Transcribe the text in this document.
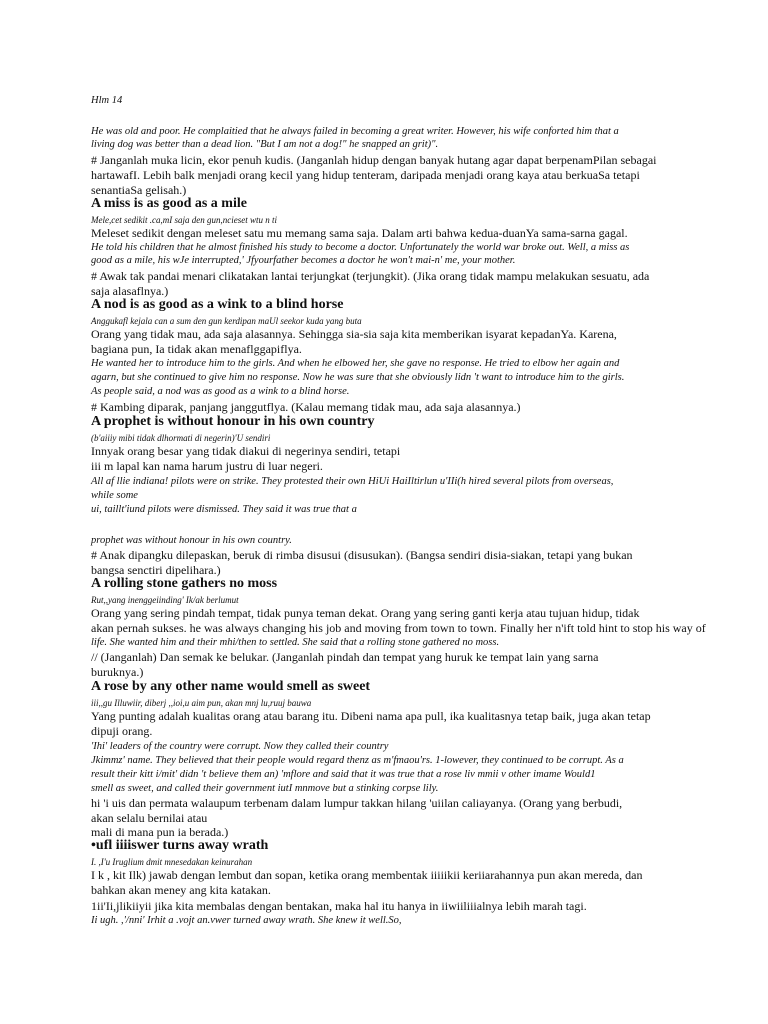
Hlm 14
He was old and poor. He complaitied that he always failed in becoming a great writer. However, his wife conforted him that a
living dog was better than a dead lion. "But I am not a dog!" he snapped an grit)".
# Janganlah muka licin, ekor penuh kudis. (Janganlah hidup dengan banyak hutang agar dapat berpenamPilan sebagai
hartawafI. Lebih balk menjadi orang kecil yang hidup tenteram, daripada menjadi orang kaya atau berkuaSa tetapi
senantiaSa gelisah.)
A miss is as good as a mile
Mele,cet sedikit .ca,mI saja den gun,ncieset wtu n ti
Meleset sedikit dengan meleset satu mu memang sama saja. Dalam arti bahwa kedua-duanYa sama-sarna gagal.
He told his children that he almost finished his study to become a doctor. Unfortunately the world war broke out. Well, a miss as
good as a mile, his wJe interrupted,' Jfyourfather becomes a doctor he won't mai-n' me, your mother.
# Awak tak pandai menari clikatakan lantai terjungkat (terjungkit). (Jika orang tidak mampu melakukan sesuatu, ada
saja alasaflnya.)
A nod is as good as a wink to a blind horse
Anggukafl kejala can a sum den gun kerdipan maUl seekor kuda yang buta
Orang yang tidak mau, ada saja alasannya. Sehingga sia-sia saja kita memberikan isyarat kepadanYa. Karena,
bagiana pun, Ia tidak akan menaflggapiflya.
He wanted her to introduce him to the girls. And when he elbowed her, she gave no response. He tried to elbow her again and
agarn, but she continued to give him no response. Now he was sure that she obviously lidn 't want to introduce him to the girls.
As people said, a nod was as good as a wink to a blind horse.
# Kambing diparak, panjang janggutflya. (Kalau memang tidak mau, ada saja alasannya.)
A prophet is without honour in his own country
(b'aiiiy mibi tidak dlhormati di negerin)'U sendiri
Innyak orang besar yang tidak diakui di negerinya sendiri, tetapi
iii m lapal kan nama harum justru di luar negeri.
All af llie indiana! pilots were on strike. They protested their own HiUi HaiIltirlun u'IIi(h hired several pilots from overseas,
while some
ui, taillt'iund pilots were dismissed. They said it was true that a
prophet was without honour in his own country.
# Anak dipangku dilepaskan, beruk di rimba disusui (disusukan). (Bangsa sendiri disia-siakan, tetapi yang bukan
bangsa senctiri dipelihara.)
A rolling stone gathers no moss
Rut,,yang inenggeiinding' Ik/ak berlumut
Orang yang sering pindah tempat, tidak punya teman dekat. Orang yang sering ganti kerja atau tujuan hidup, tidak
akan pernah sukses. he was always changing his job and moving from town to town. Finally her n'ift told hint to stop his way of
life. She wanted him and their mhi/then to settled. She said that a rolling stone gathered no moss.
// (Janganlah) Dan semak ke belukar. (Janganlah pindah dan tempat yang huruk ke tempat lain yang sarna
buruknya.)
A rose by any other name would smell as sweet
iii,,gu Illuwiir, diberj ,,ioi,u aim pun, akan mnj lu,ruuj bauwa
Yang punting adalah kualitas orang atau barang itu. Dibeni nama apa pull, ika kualitasnya tetap baik, juga akan tetap
dipuji orang.
'Ihi' leaders of the country were corrupt. Now they called their country
Jkimmz' name. They believed that their people would regard thenz as m'fmaou'rs. 1-lowever, they continued to be corrupt. As a
result their kitt i/mit' didn 't believe them an) 'mflore and said that it was true that a rose liv mmii v other imame Would1
smell as sweet, and called their government iutI mnmove but a stinking corpse lily.
hi 'i uis dan permata walaupum terbenam dalam lumpur takkan hilang 'uiilan caliayanya. (Orang yang berbudi,
akan selalu bernilai atau
mali di mana pun ia berada.)
•ufl iiiiswer turns away wrath
I. ,I'u Iruglium dmit mnesedakan keinurahan
I k , kit Ilk) jawab dengan lembut dan sopan, ketika orang membentak iiiiikii keriiarahannya pun akan mereda, dan
bahkan akan meney ang kita katakan.
1ii'Ii,jlikiiyii jika kita membalas dengan bentakan, maka hal itu hanya in iiwiiliiialnya lebih marah tagi.
Ii ugh. ,'/nni' Irhit a .vojt an.vwer turned away wrath. She knew it well.So,
